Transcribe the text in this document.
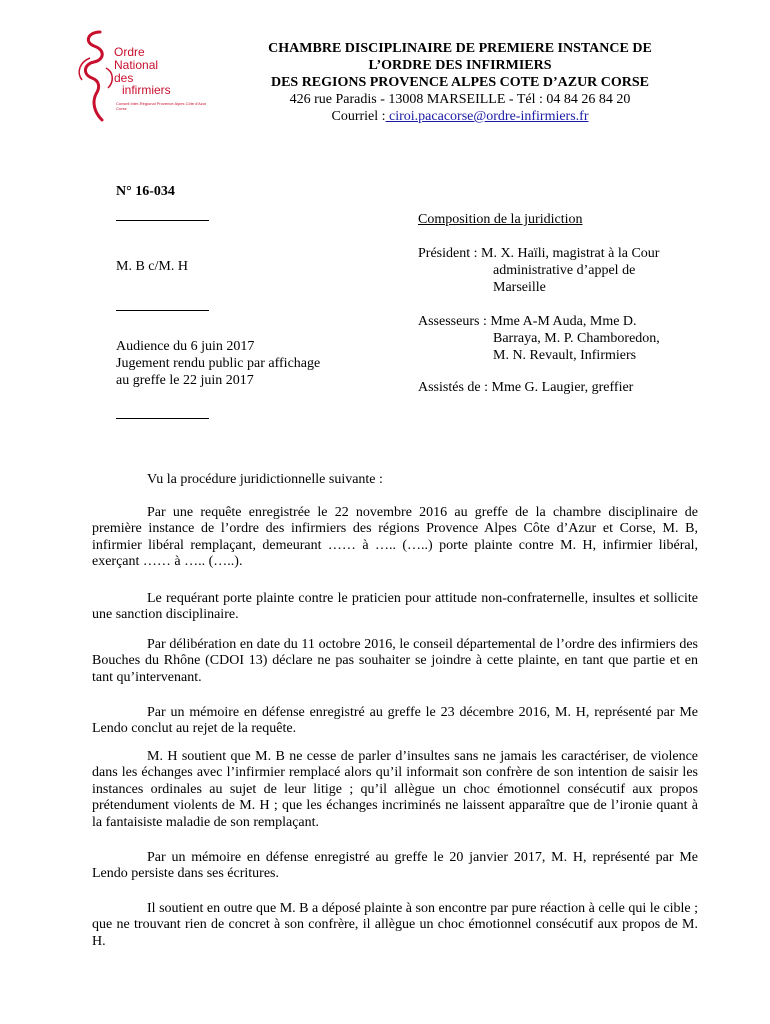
Ordre
National
des
infirmiers
Conseil Inter-Régional Provence Alpes Côte d'Azur Corse
CHAMBRE DISCIPLINAIRE DE PREMIERE INSTANCE DE
L’ORDRE DES INFIRMIERS
DES REGIONS PROVENCE ALPES COTE D’AZUR CORSE
426 rue Paradis - 13008 MARSEILLE - Tél : 04 84 26 84 20
Courriel : ciroi.pacacorse@ordre-infirmiers.fr
N° 16-034
M. B c/M. H
Audience du 6 juin 2017
Jugement rendu public par affichage
au greffe le 22 juin 2017
Composition de la juridiction
Président : M. X. Haïli, magistrat à la Cour
administrative d’appel de
Marseille
Assesseurs : Mme A-M Auda, Mme D.
Barraya, M. P. Chamboredon,
M. N. Revault, Infirmiers
Assistés de : Mme G. Laugier, greffier

Vu la procédure juridictionnelle suivante :

Par une requête enregistrée le 22 novembre 2016 au greffe de la chambre disciplinaire de première instance de l’ordre des infirmiers des régions Provence Alpes Côte d’Azur et Corse, M. B, infirmier libéral remplaçant, demeurant …… à ….. (…..) porte plainte contre M. H, infirmier libéral, exerçant …… à ….. (…..).

Le requérant porte plainte contre le praticien pour attitude non-confraternelle, insultes et sollicite une sanction disciplinaire.

Par délibération en date du 11 octobre 2016, le conseil départemental de l’ordre des infirmiers des Bouches du Rhône (CDOI 13) déclare ne pas souhaiter se joindre à cette plainte, en tant que partie et en tant qu’intervenant.

Par un mémoire en défense enregistré au greffe le 23 décembre 2016, M. H, représenté par Me Lendo conclut au rejet de la requête.

M. H soutient que M. B ne cesse de parler d’insultes sans ne jamais les caractériser, de violence dans les échanges avec l’infirmier remplacé alors qu’il informait son confrère de son intention de saisir les instances ordinales au sujet de leur litige ; qu’il allègue un choc émotionnel consécutif aux propos prétendument violents de M. H ; que les échanges incriminés ne laissent apparaître que de l’ironie quant à la fantaisiste maladie de son remplaçant.

Par un mémoire en défense enregistré au greffe le 20 janvier 2017, M. H, représenté par Me Lendo persiste dans ses écritures.

Il soutient en outre que M. B a déposé plainte à son encontre par pure réaction à celle qui le cible ; que ne trouvant rien de concret à son confrère, il allègue un choc émotionnel consécutif aux propos de M. H.
